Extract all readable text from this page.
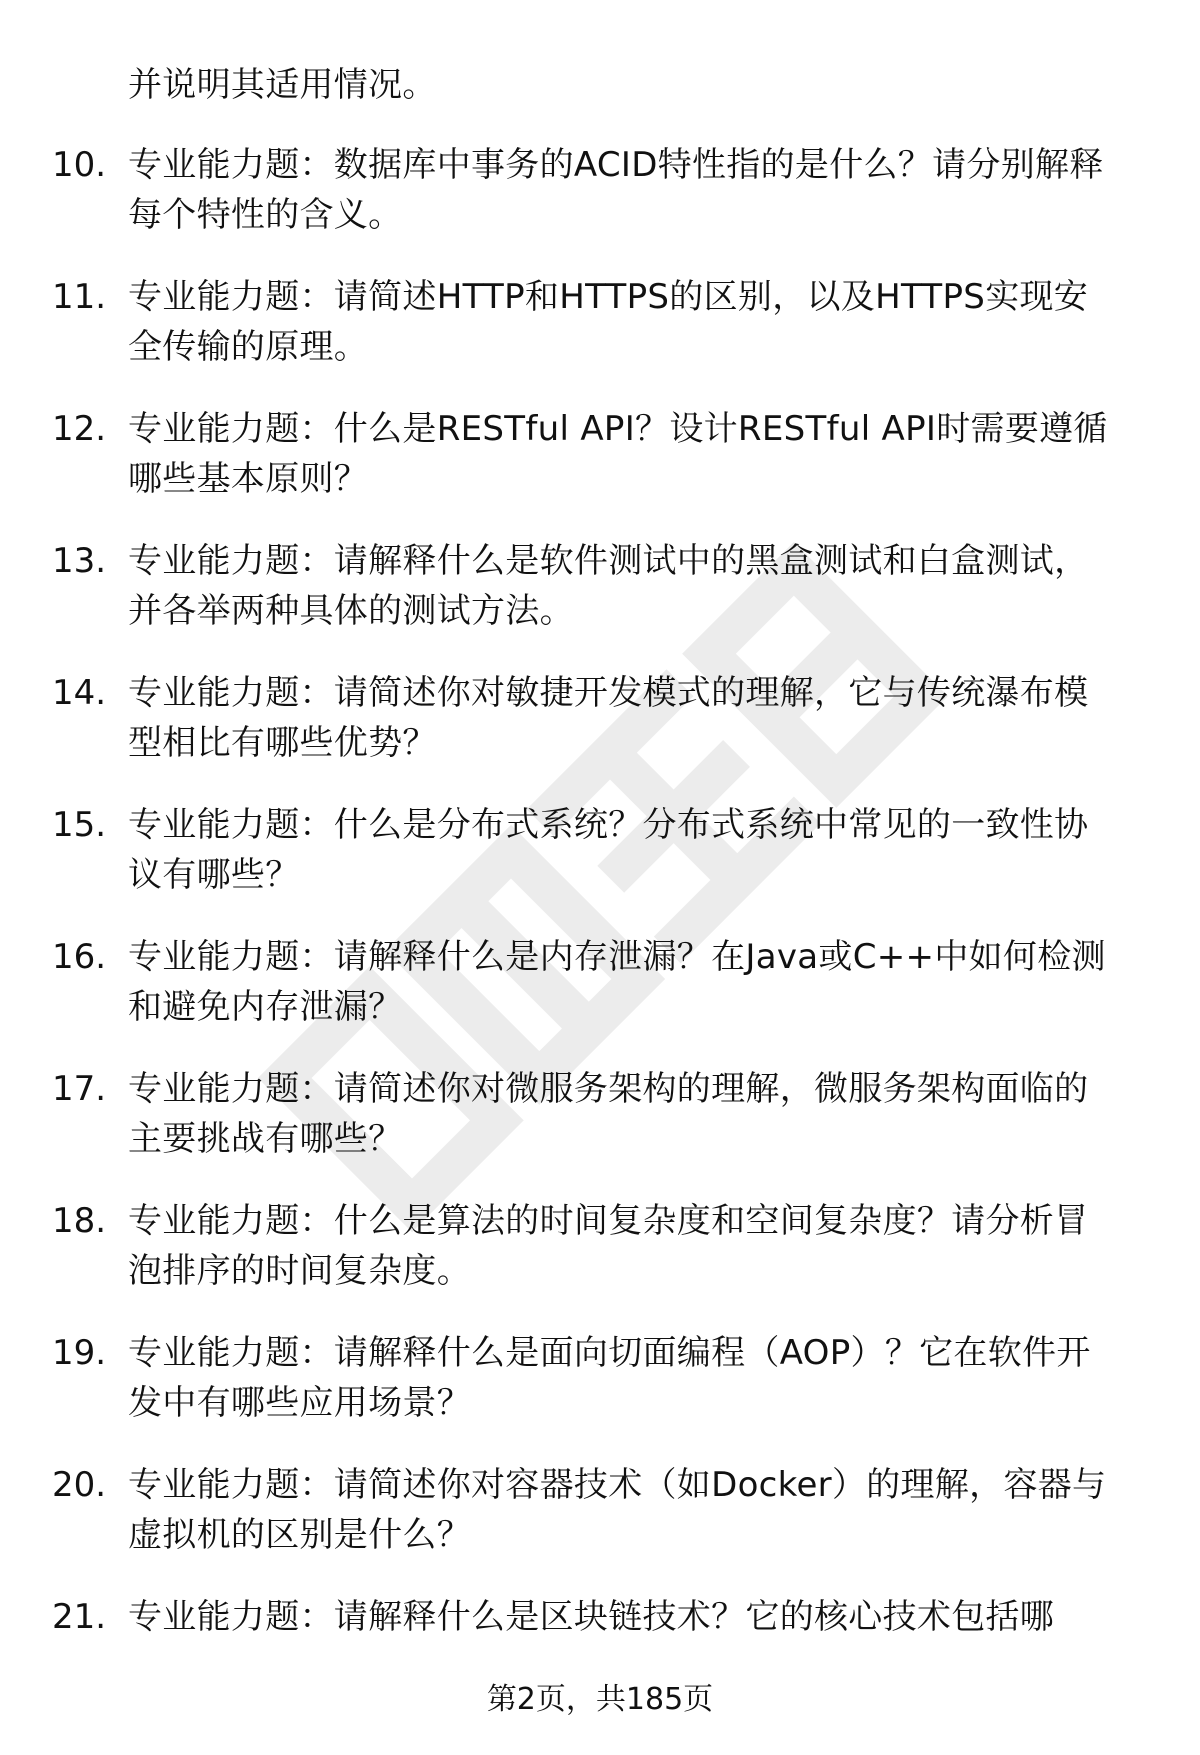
并说明其适用情况。
10. 专业能力题：数据库中事务的ACID特性指的是什么？请分别解释
每个特性的含义。
11. 专业能力题：请简述HTTP和HTTPS的区别，以及HTTPS实现安
全传输的原理。
12. 专业能力题：什么是RESTful API？设计RESTful API时需要遵循
哪些基本原则？
13. 专业能力题：请解释什么是软件测试中的黑盒测试和白盒测试，
并各举两种具体的测试方法。
14. 专业能力题：请简述你对敏捷开发模式的理解，它与传统瀑布模
型相比有哪些优势？
15. 专业能力题：什么是分布式系统？分布式系统中常见的一致性协
议有哪些？
16. 专业能力题：请解释什么是内存泄漏？在Java或C++中如何检测
和避免内存泄漏？
17. 专业能力题：请简述你对微服务架构的理解，微服务架构面临的
主要挑战有哪些？
18. 专业能力题：什么是算法的时间复杂度和空间复杂度？请分析冒
泡排序的时间复杂度。
19. 专业能力题：请解释什么是面向切面编程（AOP）？它在软件开
发中有哪些应用场景？
20. 专业能力题：请简述你对容器技术（如Docker）的理解，容器与
虚拟机的区别是什么？
21. 专业能力题：请解释什么是区块链技术？它的核心技术包括哪
第2页，共185页
